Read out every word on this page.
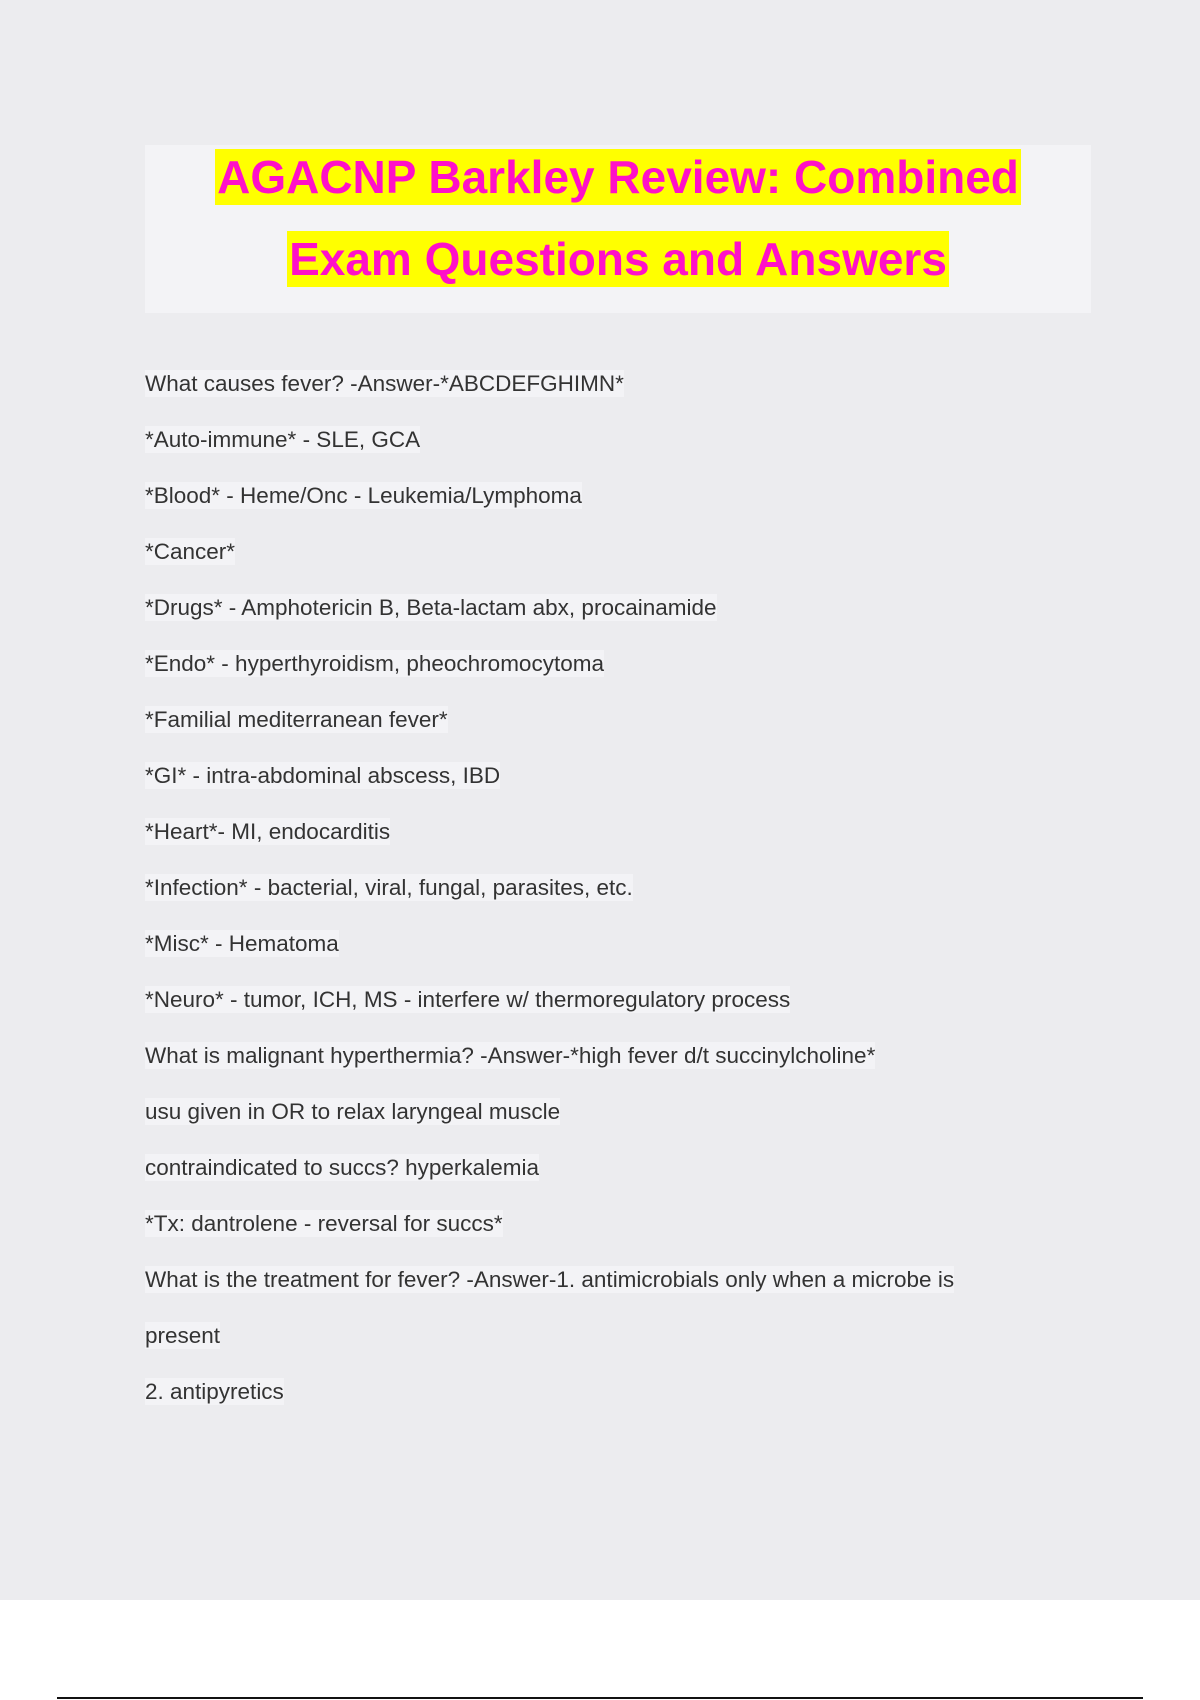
AGACNP Barkley Review: Combined
Exam Questions and Answers
What causes fever? -Answer-*ABCDEFGHIMN*
*Auto-immune* - SLE, GCA
*Blood* - Heme/Onc - Leukemia/Lymphoma
*Cancer*
*Drugs* - Amphotericin B, Beta-lactam abx, procainamide
*Endo* - hyperthyroidism, pheochromocytoma
*Familial mediterranean fever*
*GI* - intra-abdominal abscess, IBD
*Heart*- MI, endocarditis
*Infection* - bacterial, viral, fungal, parasites, etc.
*Misc* - Hematoma
*Neuro* - tumor, ICH, MS - interfere w/ thermoregulatory process
What is malignant hyperthermia? -Answer-*high fever d/t succinylcholine*
usu given in OR to relax laryngeal muscle
contraindicated to succs? hyperkalemia
*Tx: dantrolene - reversal for succs*
What is the treatment for fever? -Answer-1. antimicrobials only when a microbe is
present
2. antipyretics
